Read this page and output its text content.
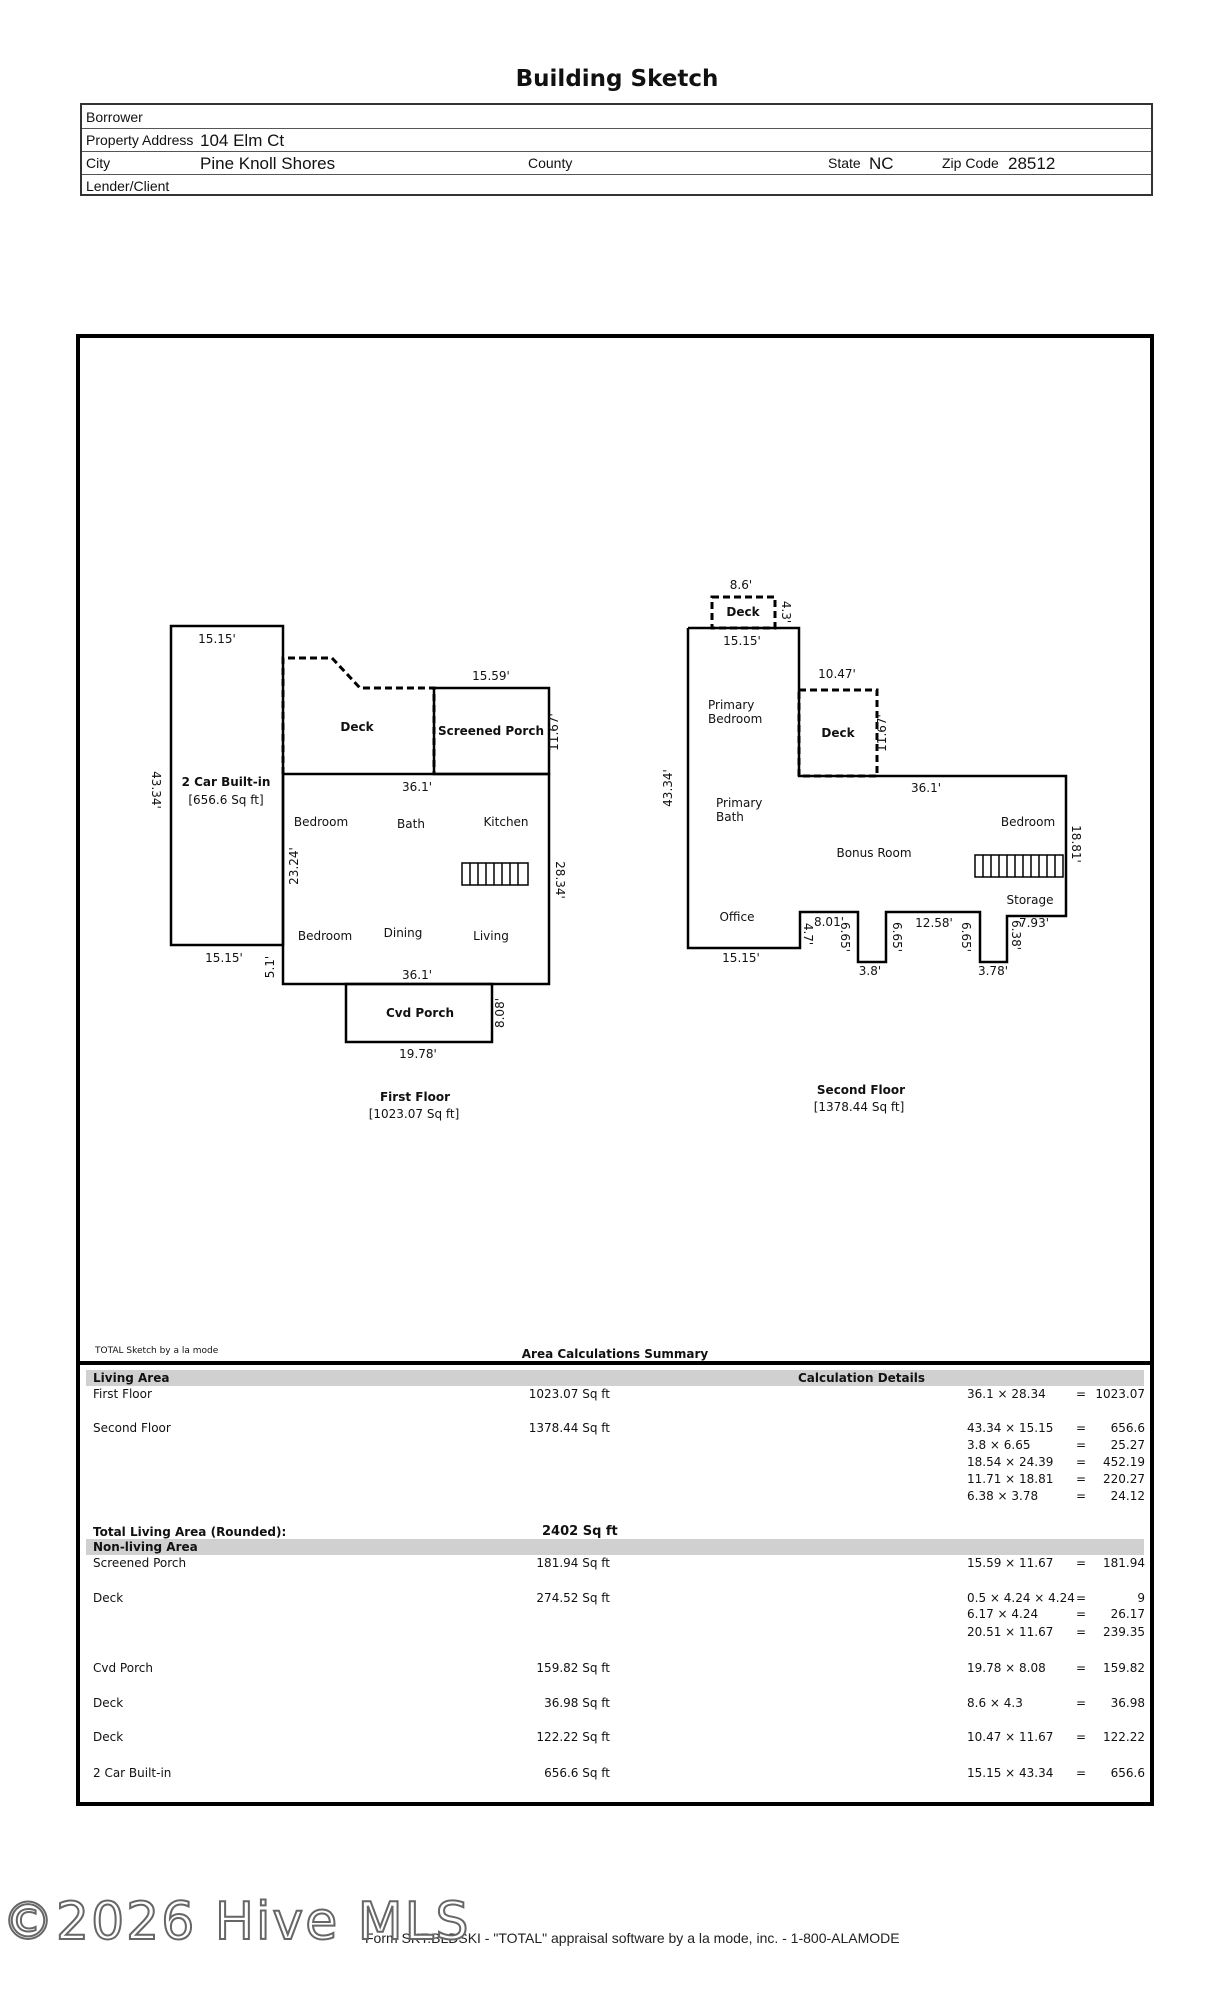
Building Sketch
Borrower
Property Address 104 Elm Ct
City	Pine Knoll Shores	County	State NC	Zip Code 28512
Lender/Client
15.15'
43.34' 2 Car Built-in
[656.6 Sq ft]
15.15'
Deck
15.59'
Screened Porch 11.67'
36.1'
Bedroom	Bath	Kitchen
23.24'	28.34'
Bedroom	Dining	Living
5.1'	36.1'
Cvd Porch	8.08'
19.78'
First Floor
[1023.07 Sq ft]
8.6'
Deck 4.3'
15.15'
10.47'
Deck 11.67'
Primary Bedroom
43.34'	36.1'
Primary Bath	Bedroom
18.81'
Bonus Room
Storage
Office
4.7'
8.01'
6.65'
3.8'
6.65' 12.58' 6.65'
3.78'
6.38'
7.93'
15.15'
Second Floor
[1378.44 Sq ft]
TOTAL Sketch by a la mode	Area Calculations Summary
Living Area	Calculation Details
First Floor	1023.07 Sq ft	36.1 × 28.34	= 1023.07
Second Floor	1378.44 Sq ft	43.34 × 15.15 =	656.6
3.8 × 6.65	=	25.27
18.54 × 24.39 =	452.19
11.71 × 18.81 =	220.27
6.38 × 3.78	=	24.12
Total Living Area (Rounded):	2402 Sq ft
Non-living Area
Screened Porch	181.94 Sq ft	15.59 × 11.67 =	181.94
Deck	274.52 Sq ft	0.5 × 4.24 × 4.24 =	9
6.17 × 4.24	=	26.17
20.51 × 11.67 =	239.35
Cvd Porch	159.82 Sq ft	19.78 × 8.08	=	159.82
Deck	36.98 Sq ft	8.6 × 4.3	=	36.98
Deck	122.22 Sq ft	10.47 × 11.67 =	122.22
2 Car Built-in	656.6 Sq ft	15.15 × 43.34 =	656.6
Form SKT.BLDSKI - "TOTAL" appraisal software by a la mode, inc. - 1-800-ALAMODE
©2026 Hive MLS
